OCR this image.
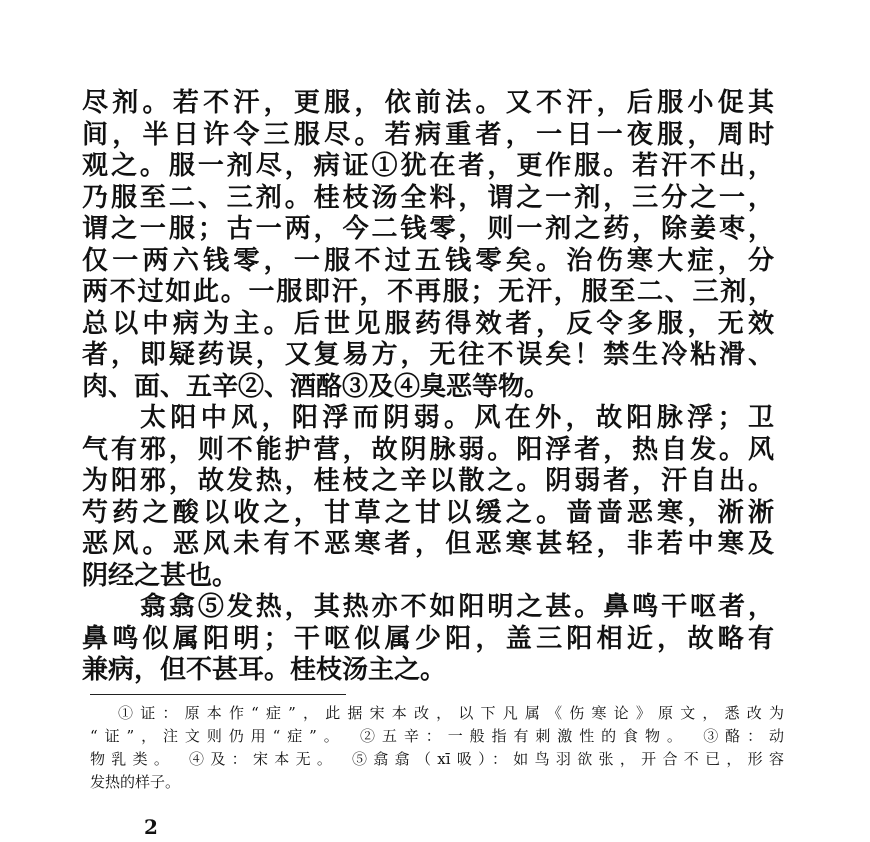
尽剂。若不汗，更服，依前法。又不汗，后服小促其
间，半日许令三服尽。若病重者，一日一夜服，周时
观之。服一剂尽，病证①犹在者，更作服。若汗不出，
乃服至二、三剂。桂枝汤全料，谓之一剂，三分之一，
谓之一服；古一两，今二钱零，则一剂之药，除姜枣，
仅一两六钱零，一服不过五钱零矣。治伤寒大症，分
两不过如此。一服即汗，不再服；无汗，服至二、三剂，
总以中病为主。后世见服药得效者，反令多服，无效
者，即疑药误，又复易方，无往不误矣！禁生冷粘滑、
肉、面、五辛②、酒酪③及④臭恶等物。
太阳中风，阳浮而阴弱。风在外，故阳脉浮；卫
气有邪，则不能护营，故阴脉弱。阳浮者，热自发。风
为阳邪，故发热，桂枝之辛以散之。阴弱者，汗自出。
芍药之酸以收之，甘草之甘以缓之。啬啬恶寒，淅淅
恶风。恶风未有不恶寒者，但恶寒甚轻，非若中寒及
阴经之甚也。
翕翕⑤发热，其热亦不如阳明之甚。鼻鸣干呕者，
鼻鸣似属阳明；干呕似属少阳，盖三阳相近，故略有
兼病，但不甚耳。桂枝汤主之。
①证：原本作“症”，此据宋本改，以下凡属《伤寒论》原文，悉改为
“证”，注文则仍用“症”。　②五辛：一般指有刺激性的食物。　③酪：动
物乳类。　④及：宋本无。　⑤翕翕（xī吸）：如鸟羽欲张，开合不已，形容
发热的样子。
2
